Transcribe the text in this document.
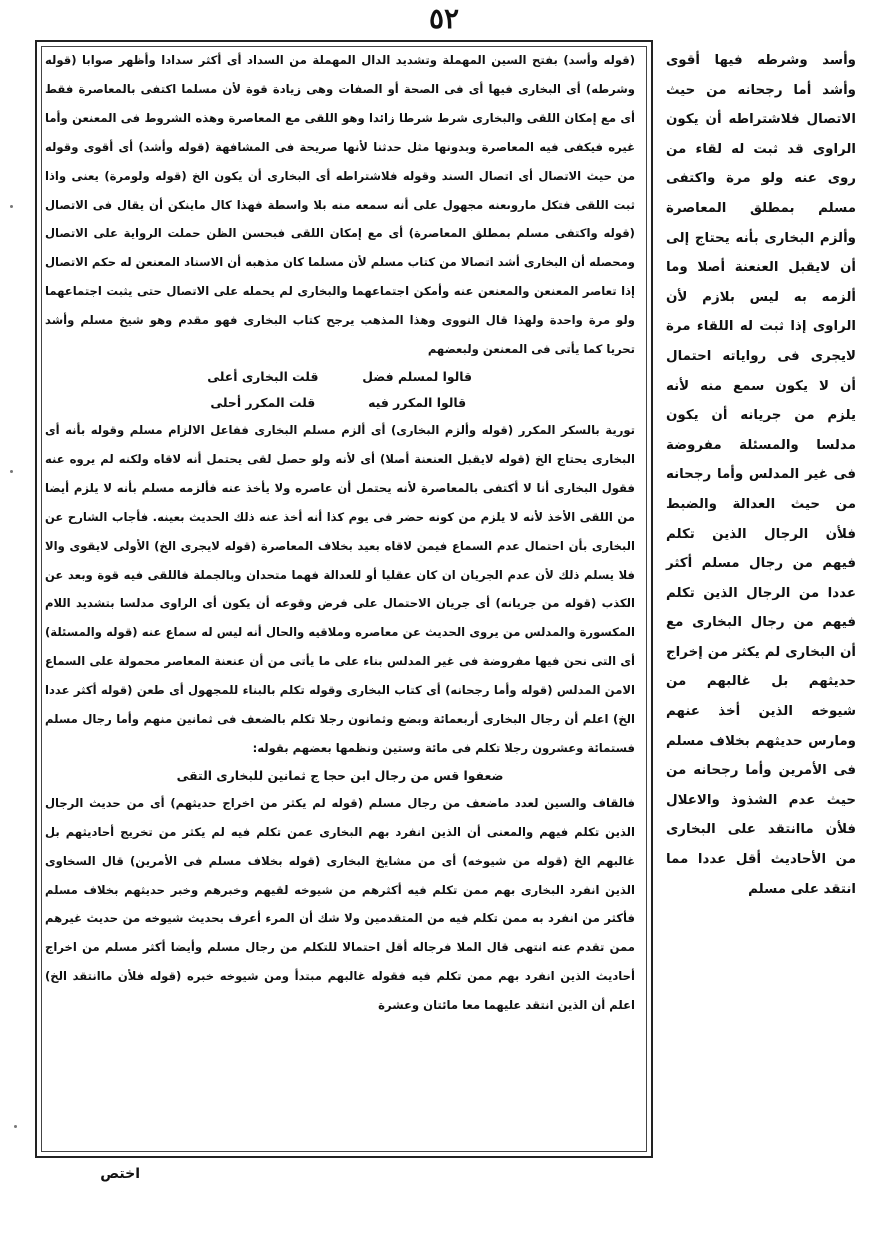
٥٢

(قوله وأسد) بفتح السين المهملة وتشديد الدال المهملة من السداد أى أكثر سدادا وأظهر صوابا (قوله وشرطه) أى البخارى فيها أى فى الصحة أو الصفات وهى زيادة قوة لأن مسلما اكتفى بالمعاصرة فقط أى مع إمكان اللقى والبخارى شرط شرطا زائدا وهو اللقى مع المعاصرة وهذه الشروط فى المعنعن وأما غيره فيكفى فيه المعاصرة وبدونها مثل حدثنا لأنها صريحة فى المشافهة (قوله وأشد) أى أقوى وقوله من حيث الاتصال أى اتصال السند وقوله فلاشتراطه أى البخارى أن يكون الخ (قوله ولومرة) يعنى واذا ثبت اللقى فتكل ماروىعنه مجهول على أنه سمعه منه بلا واسطة فهذا كال ماينكن أن يقال فى الاتصال (قوله واكتفى مسلم بمطلق المعاصرة) أى مع إمكان اللقى فبحسن الظن حملت الرواية على الاتصال ومحصله أن البخارى أشد اتصالا من كتاب مسلم لأن مسلما كان مذهبه أن الاسناد المعنعن له حكم الاتصال إذا تعاصر المعنعن والمعنعن عنه وأمكن اجتماعهما والبخارى لم يحمله على الاتصال حتى يثبت اجتماعهما ولو مرة واحدة ولهذا قال النووى وهذا المذهب يرجح كتاب البخارى فهو مقدم وهو شيخ مسلم وأشد تحريا كما يأتى فى المعنعن ولبعضهم

قالوا لمسلم فضل قلت البخارى أعلى
قالوا المكرر فيه قلت المكرر أحلى

تورية بالسكر المكرر (قوله وألزم البخارى) أى ألزم مسلم البخارى ففاعل الالزام مسلم وقوله بأنه أى البخارى يحتاج الخ (قوله لايقبل العنعنة أصلا) أى لأنه ولو حصل لقى يحتمل أنه لاقاه ولكنه لم يروه عنه فقول البخارى أنا لا أكتفى بالمعاصرة لأنه يحتمل أن عاصره ولا يأخذ عنه فألزمه مسلم بأنه لا يلزم أيضا من اللقى الأخذ لأنه لا يلزم من كونه حضر فى يوم كذا أنه أخذ عنه ذلك الحديث بعينه. فأجاب الشارح عن البخارى بأن احتمال عدم السماع فيمن لاقاه بعيد بخلاف المعاصرة (قوله لايجرى الخ) الأولى لايقوى والا فلا يسلم ذلك لأن عدم الجريان ان كان عقليا أو للعدالة فهما متحدان وبالجملة فاللقى فيه قوة وبعد عن الكذب (قوله من جريانه) أى جريان الاحتمال على فرض وقوعه أن يكون أى الراوى مدلسا بتشديد اللام المكسورة والمدلس من يروى الحديث عن معاصره وملاقيه والحال أنه ليس له سماع عنه (قوله والمسئلة) أى التى نحن فيها مفروضة فى غير المدلس بناء على ما يأتى من أن عنعنة المعاصر محمولة على السماع الامن المدلس (قوله وأما رجحانه) أى كتاب البخارى وقوله تكلم بالبناء للمجهول أى طعن (قوله أكثر عددا الخ) اعلم أن رجال البخارى أربعمائة وبضع وثمانون رجلا تكلم بالضعف فى ثمانين منهم وأما رجال مسلم فستمائة وعشرون رجلا تكلم فى مائة وستين ونظمها بعضهم بقوله:

ضعفوا قس من رجال ابن حجا ج ثمانين للبخارى التقى

فالقاف والسين لعدد ماضعف من رجال مسلم (قوله لم يكثر من اخراج حديثهم) أى من حديث الرجال الذين تكلم فيهم والمعنى أن الذين انفرد بهم البخارى عمن تكلم فيه لم يكثر من تخريج أحاديثهم بل غالبهم الخ (قوله من شيوخه) أى من مشايخ البخارى (قوله بخلاف مسلم فى الأمرين) قال السخاوى الذين انفرد البخارى بهم ممن تكلم فيه أكثرهم من شيوخه لقيهم وخبرهم وخبر حديثهم بخلاف مسلم فأكثر من انفرد به ممن تكلم فيه من المتقدمين ولا شك أن المرء أعرف بحديث شيوخه من حديث غيرهم ممن تقدم عنه انتهى قال الملا فرجاله أقل احتمالا للتكلم من رجال مسلم وأيضا أكثر مسلم من اخراج أحاديث الذين انفرد بهم ممن تكلم فيه فقوله غالبهم مبتدأ ومن شيوخه خبره (قوله فلأن ماانتقد الخ) اعلم أن الذين انتقد عليهما معا مائتان وعشرة

وأسد وشرطه فيها أقوى وأشد أما رجحانه من حيث الاتصال فلاشتراطه أن يكون الراوى قد ثبت له لقاء من روى عنه ولو مرة واكتفى مسلم بمطلق المعاصرة وألزم البخارى بأنه يحتاج إلى أن لايقبل العنعنة أصلا وما ألزمه به ليس بلازم لأن الراوى إذا ثبت له اللقاء مرة لايجرى فى رواياته احتمال أن لا يكون سمع منه لأنه يلزم من جريانه أن يكون مدلسا والمسئلة مفروضة فى غير المدلس وأما رجحانه من حيث العدالة والضبط فلأن الرجال الذين تكلم فيهم من رجال مسلم أكثر عددا من الرجال الذين تكلم فيهم من رجال البخارى مع أن البخارى لم يكثر من إخراج حديثهم بل غالبهم من شيوخه الذين أخذ عنهم ومارس حديثهم بخلاف مسلم فى الأمرين وأما رجحانه من حيث عدم الشذوذ والاعلال فلأن ماانتقد على البخارى من الأحاديث أقل عددا مما انتقد على مسلم
اختص
